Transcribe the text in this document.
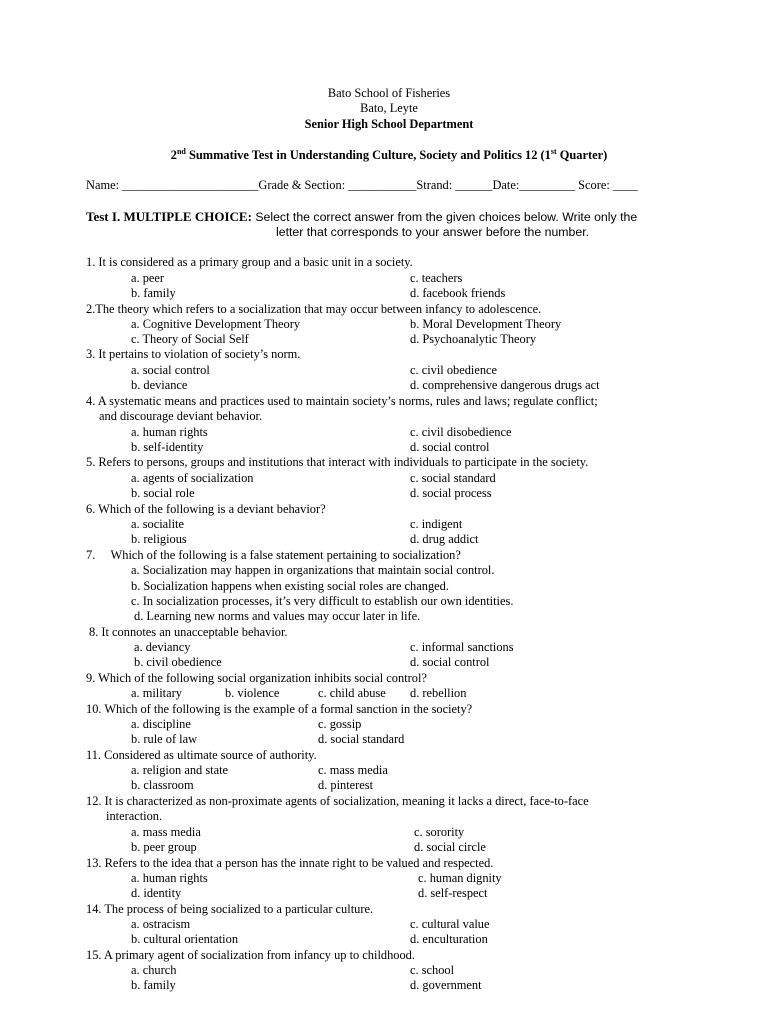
Bato School of Fisheries
Bato, Leyte
Senior High School Department
2nd Summative Test in Understanding Culture, Society and Politics 12 (1st Quarter)
Name: ______________________Grade & Section: ___________Strand: ______Date:_________ Score: ____
Test I. MULTIPLE CHOICE: Select the correct answer from the given choices below. Write only the
letter that corresponds to your answer before the number.
1. It is considered as a primary group and a basic unit in a society.
a. peer	c. teachers
b. family	d. facebook friends
2.The theory which refers to a socialization that may occur between infancy to adolescence.
a. Cognitive Development Theory	b. Moral Development Theory
c. Theory of Social Self	d. Psychoanalytic Theory
3. It pertains to violation of society’s norm.
a. social control	c. civil obedience
b. deviance	d. comprehensive dangerous drugs act
4. A systematic means and practices used to maintain society’s norms, rules and laws; regulate conflict;
and discourage deviant behavior.
a. human rights	c. civil disobedience
b. self-identity	d. social control
5. Refers to persons, groups and institutions that interact with individuals to participate in the society.
a. agents of socialization	c. social standard
b. social role	d. social process
6. Which of the following is a deviant behavior?
a. socialite	c. indigent
b. religious	d. drug addict
7.     Which of the following is a false statement pertaining to socialization?
a. Socialization may happen in organizations that maintain social control.
b. Socialization happens when existing social roles are changed.
c. In socialization processes, it’s very difficult to establish our own identities.
d. Learning new norms and values may occur later in life.
8. It connotes an unacceptable behavior.
a. deviancy	c. informal sanctions
b. civil obedience	d. social control
9. Which of the following social organization inhibits social control?
a. military	b. violence	c. child abuse d. rebellion
10. Which of the following is the example of a formal sanction in the society?
a. discipline	c. gossip
b. rule of law	d. social standard
11. Considered as ultimate source of authority.
a. religion and state	c. mass media
b. classroom	d. pinterest
12. It is characterized as non-proximate agents of socialization, meaning it lacks a direct, face-to-face
interaction.
a. mass media	c. sorority
b. peer group	d. social circle
13. Refers to the idea that a person has the innate right to be valued and respected.
a. human rights	c. human dignity
d. identity	d. self-respect
14. The process of being socialized to a particular culture.
a. ostracism	c. cultural value
b. cultural orientation	d. enculturation
15. A primary agent of socialization from infancy up to childhood.
a. church	c. school
b. family	d. government
